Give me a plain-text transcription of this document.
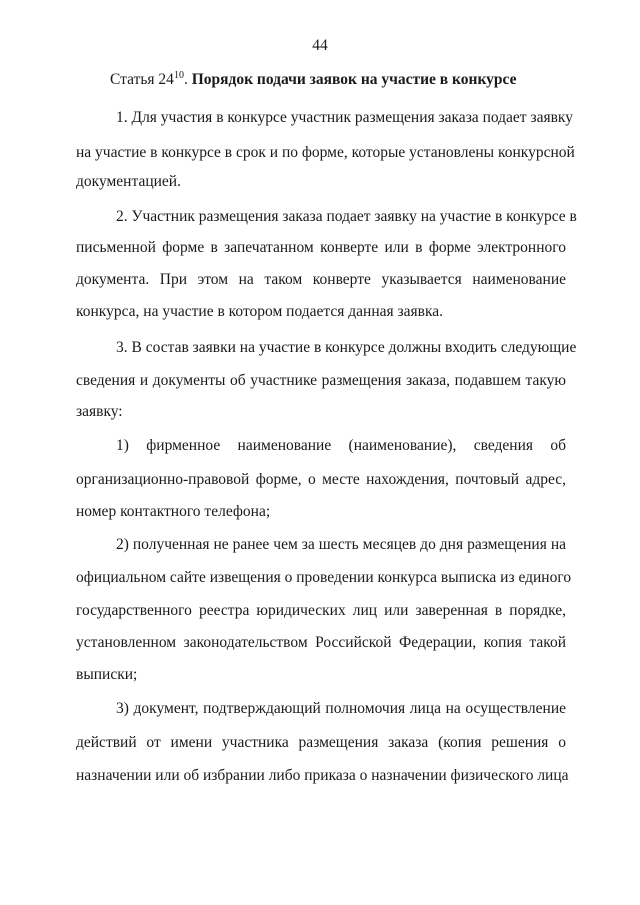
44
Статья $24^{10}$. Порядок подачи заявок на участие в конкурсе
1. Для участия в конкурсе участник размещения заказа подает заявку
на участие в конкурсе в срок и по форме, которые установлены конкурсной
документацией.
2. Участник размещения заказа подает заявку на участие в конкурсе в
письменной форме в запечатанном конверте или в форме электронного
документа. При этом на таком конверте указывается наименование
конкурса, на участие в котором подается данная заявка.
3. В состав заявки на участие в конкурсе должны входить следующие
сведения и документы об участнике размещения заказа, подавшем такую
заявку:
1) фирменное наименование (наименование), сведения об
организационно-правовой форме, о месте нахождения, почтовый адрес,
номер контактного телефона;
2) полученная не ранее чем за шесть месяцев до дня размещения на
официальном сайте извещения о проведении конкурса выписка из единого
государственного реестра юридических лиц или заверенная в порядке,
установленном законодательством Российской Федерации, копия такой
выписки;
3) документ, подтверждающий полномочия лица на осуществление
действий от имени участника размещения заказа (копия решения о
назначении или об избрании либо приказа о назначении физического лица
